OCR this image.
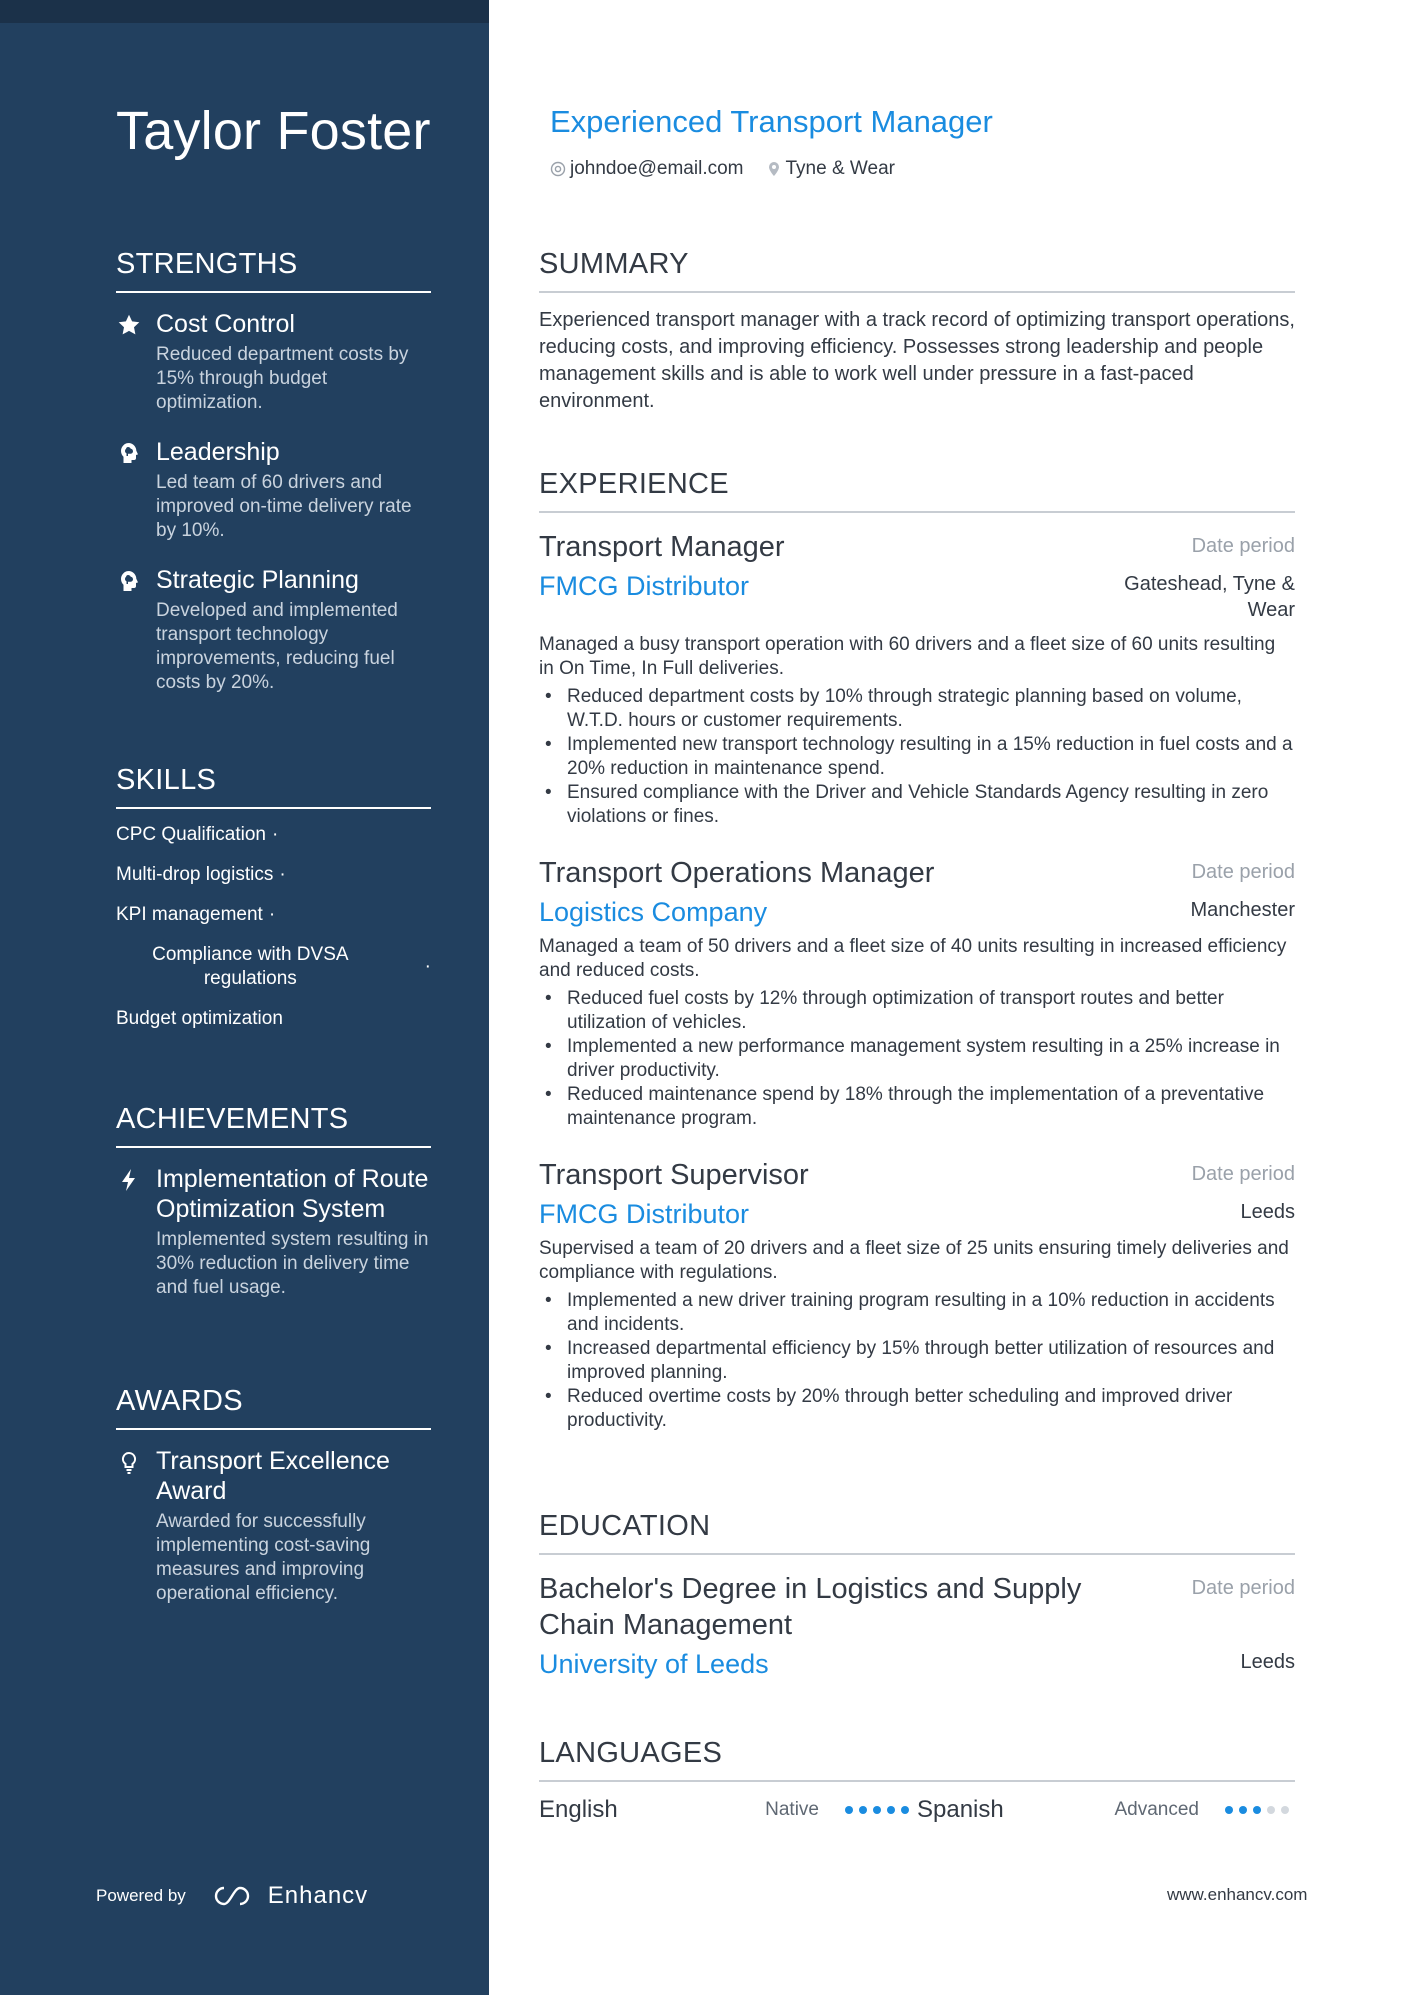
Taylor Foster
STRENGTHS
Cost Control
Reduced department costs by 15% through budget optimization.
Leadership
Led team of 60 drivers and improved on-time delivery rate by 10%.
Strategic Planning
Developed and implemented transport technology improvements, reducing fuel costs by 20%.
SKILLS
CPC Qualification ·
Multi-drop logistics ·
KPI management ·
Compliance with DVSA regulations
·
Budget optimization
ACHIEVEMENTS
Implementation of Route Optimization System
Implemented system resulting in 30% reduction in delivery time and fuel usage.
AWARDS
Transport Excellence Award
Awarded for successfully implementing cost-saving measures and improving operational efficiency.
Powered by	Enhancv
Experienced Transport Manager
johndoe@email.com Tyne & Wear
SUMMARY
Experienced transport manager with a track record of optimizing transport operations, reducing costs, and improving efficiency. Possesses strong leadership and people management skills and is able to work well under pressure in a fast-paced environment.
EXPERIENCE
Transport Manager	Date period
FMCG Distributor	Gateshead, Tyne & Wear
Managed a busy transport operation with 60 drivers and a fleet size of 60 units resulting in On Time, In Full deliveries.
• Reduced department costs by 10% through strategic planning based on volume, W.T.D. hours or customer requirements.
• Implemented new transport technology resulting in a 15% reduction in fuel costs and a 20% reduction in maintenance spend.
• Ensured compliance with the Driver and Vehicle Standards Agency resulting in zero violations or fines.
Transport Operations Manager	Date period
Logistics Company	Manchester
Managed a team of 50 drivers and a fleet size of 40 units resulting in increased efficiency and reduced costs.
• Reduced fuel costs by 12% through optimization of transport routes and better utilization of vehicles.
• Implemented a new performance management system resulting in a 25% increase in driver productivity.
• Reduced maintenance spend by 18% through the implementation of a preventative maintenance program.
Transport Supervisor	Date period
FMCG Distributor	Leeds
Supervised a team of 20 drivers and a fleet size of 25 units ensuring timely deliveries and compliance with regulations.
• Implemented a new driver training program resulting in a 10% reduction in accidents and incidents.
• Increased departmental efficiency by 15% through better utilization of resources and improved planning.
• Reduced overtime costs by 20% through better scheduling and improved driver productivity.
EDUCATION
Bachelor's Degree in Logistics and Supply Chain Management
Date period
University of Leeds	Leeds
LANGUAGES
English	Native	Spanish	Advanced
www.enhancv.com
